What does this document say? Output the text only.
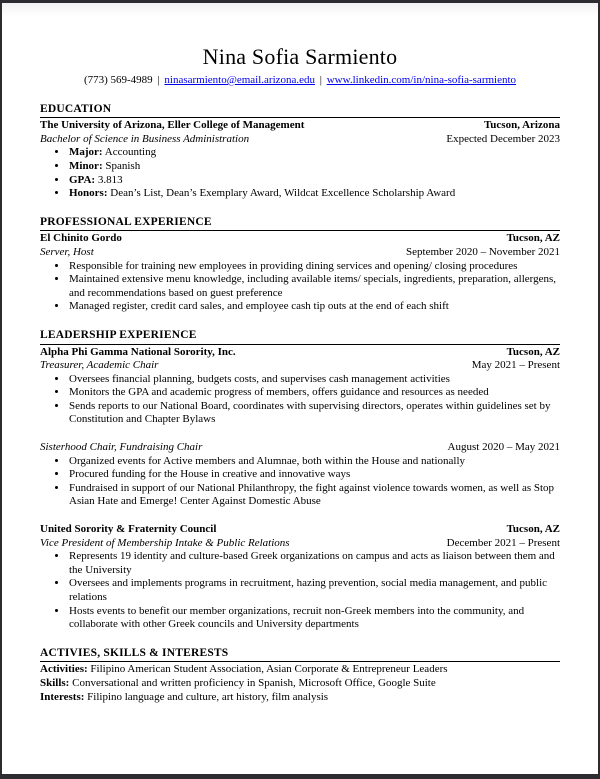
Nina Sofia Sarmiento
(773) 569-4989 | ninasarmiento@email.arizona.edu | www.linkedin.com/in/nina-sofia-sarmiento
EDUCATION
The University of Arizona, Eller College of Management	Tucson, Arizona
Bachelor of Science in Business Administration	Expected December 2023
• Major: Accounting
• Minor: Spanish
• GPA: 3.813
• Honors: Dean’s List, Dean’s Exemplary Award, Wildcat Excellence Scholarship Award
PROFESSIONAL EXPERIENCE
El Chinito Gordo	Tucson, AZ
Server, Host	September 2020 – November 2021
• Responsible for training new employees in providing dining services and opening/ closing procedures
• Maintained extensive menu knowledge, including available items/ specials, ingredients, preparation, allergens, and recommendations based on guest preference
• Managed register, credit card sales, and employee cash tip outs at the end of each shift
LEADERSHIP EXPERIENCE
Alpha Phi Gamma National Sorority, Inc.	Tucson, AZ
Treasurer, Academic Chair	May 2021 – Present
• Oversees financial planning, budgets costs, and supervises cash management activities
• Monitors the GPA and academic progress of members, offers guidance and resources as needed
• Sends reports to our National Board, coordinates with supervising directors, operates within guidelines set by Constitution and Chapter Bylaws
Sisterhood Chair, Fundraising Chair	August 2020 – May 2021
• Organized events for Active members and Alumnae, both within the House and nationally
• Procured funding for the House in creative and innovative ways
• Fundraised in support of our National Philanthropy, the fight against violence towards women, as well as Stop Asian Hate and Emerge! Center Against Domestic Abuse
United Sorority & Fraternity Council	Tucson, AZ
Vice President of Membership Intake & Public Relations	December 2021 – Present
• Represents 19 identity and culture-based Greek organizations on campus and acts as liaison between them and the University
• Oversees and implements programs in recruitment, hazing prevention, social media management, and public relations
• Hosts events to benefit our member organizations, recruit non-Greek members into the community, and collaborate with other Greek councils and University departments
ACTIVIES, SKILLS & INTERESTS
Activities: Filipino American Student Association, Asian Corporate & Entrepreneur Leaders
Skills: Conversational and written proficiency in Spanish, Microsoft Office, Google Suite
Interests: Filipino language and culture, art history, film analysis
